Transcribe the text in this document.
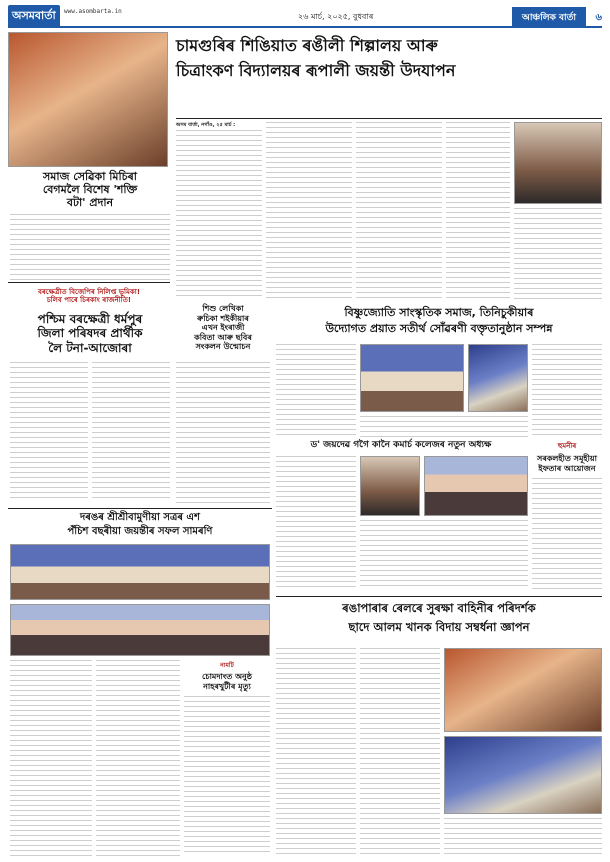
অসমবার্তা	www.asombarta.in
২৬ মার্চ, ২০২৫, বুধবাৰ	আঞ্চলিক বাৰ্তা	৬
সমাজ সেৱিকা মিচিৰা
বেগমলৈ বিশেষ 'শক্তি
বটা' প্ৰদান
চামগুৰিৰ শিঙিয়াত ৰঙীলী শিল্পালয় আৰু
চিত্ৰাংকণ বিদ্যালয়ৰ ৰূপালী জয়ন্তী উদযাপন
অসম বাৰ্তা, নগাঁও, ২৫ মাৰ্চ :
বৰক্ষেত্ৰীত বিজেপিৰ নিলিপ্ত ভূমিকা!
চলিব পাৰে চিৰকাং ৰাজনীতি!
পশ্চিম বৰক্ষেত্ৰী ধৰ্মপুৰ
জিলা পৰিষদৰ প্ৰাৰ্থীক
লৈ টনা-আজোৰা
শিশু লেখিকা
ৰুচিকা শইকীয়াৰ
এখন ইংৰাজী
কবিতা আৰু ছবিৰ
সংকলন উন্মোচন
বিষ্ণুজ্যোতি সাংস্কৃতিক সমাজ, তিনিচুকীয়াৰ
উদ্যোগত প্ৰয়াত সতীৰ্থ সোঁৱৰণী বক্তৃতানুষ্ঠান সম্পন্ন
ড' জয়দেৱ গগৈ কানৈ কমাৰ্চ কলেজৰ নতুন অধ্যক্ষ	হুমনীৰ
সৰকলহীত সমূহীয়া
ইফতাৰ আয়োজন
দৰঙৰ শ্ৰীশ্ৰীবামুণীয়া সত্ৰৰ এশ
পঁচিশ বছৰীয়া জয়ন্তীৰ সফল সামৰণি
নামটি
চোমদাংত অনুষ্ঠ
নাহৰখুটীৰ মৃত্যু
ৰঙাপাৰাৰ ৰেলৰে সুৰক্ষা বাহিনীৰ পৰিদৰ্শক
ছাদে আলম খানক বিদায় সম্বৰ্ধনা জ্ঞাপন
